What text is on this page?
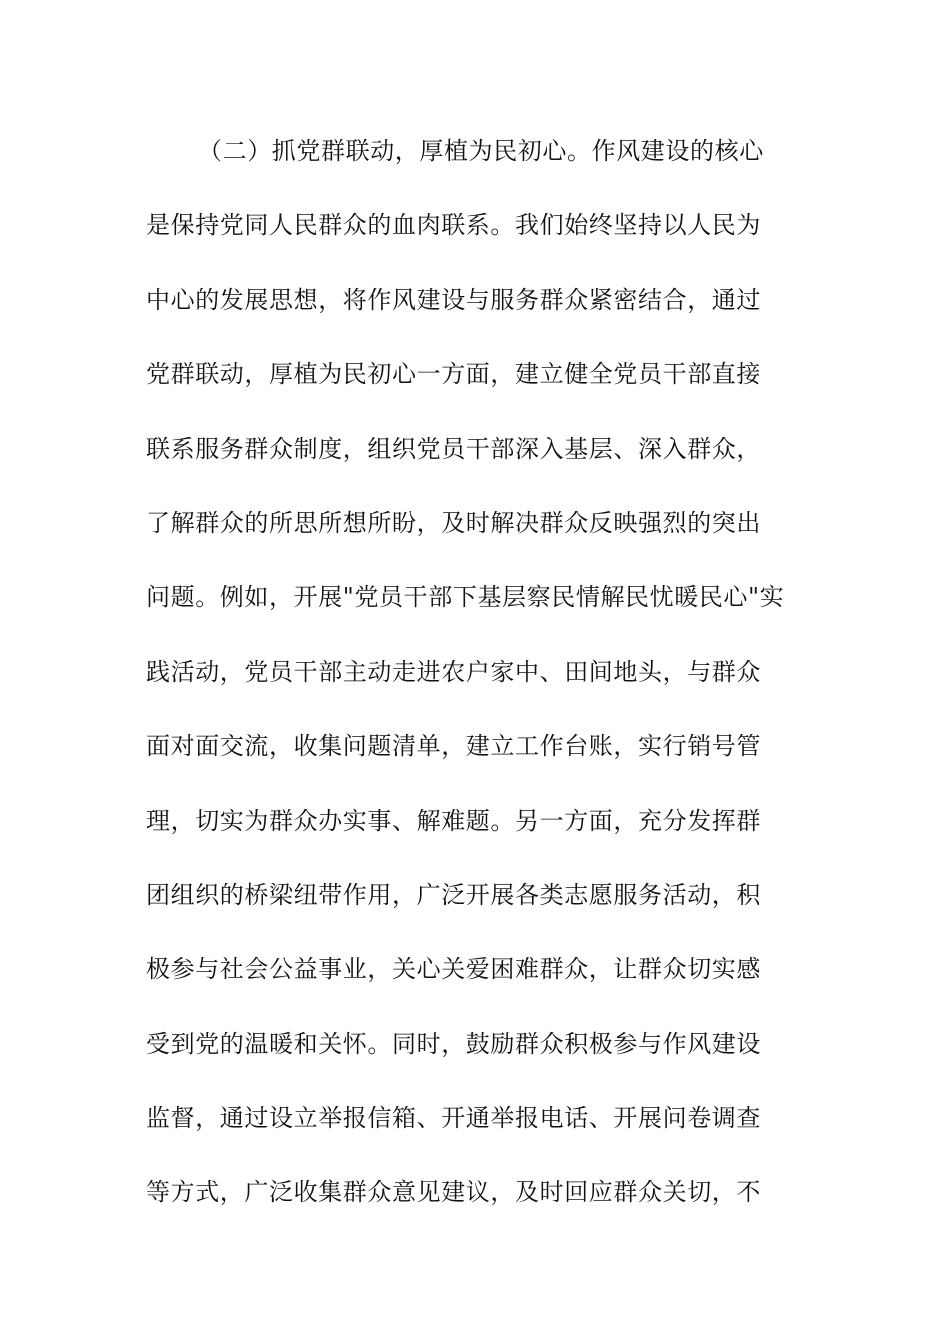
（二）抓党群联动，厚植为民初心。作风建设的核心
是保持党同人民群众的血肉联系。我们始终坚持以人民为
中心的发展思想，将作风建设与服务群众紧密结合，通过
党群联动，厚植为民初心一方面，建立健全党员干部直接
联系服务群众制度，组织党员干部深入基层、深入群众，
了解群众的所思所想所盼，及时解决群众反映强烈的突出
问题。例如，开展"党员干部下基层察民情解民忧暖民心"实
践活动，党员干部主动走进农户家中、田间地头，与群众
面对面交流，收集问题清单，建立工作台账，实行销号管
理，切实为群众办实事、解难题。另一方面，充分发挥群
团组织的桥梁纽带作用，广泛开展各类志愿服务活动，积
极参与社会公益事业，关心关爱困难群众，让群众切实感
受到党的温暖和关怀。同时，鼓励群众积极参与作风建设
监督，通过设立举报信箱、开通举报电话、开展问卷调查
等方式，广泛收集群众意见建议，及时回应群众关切，不
